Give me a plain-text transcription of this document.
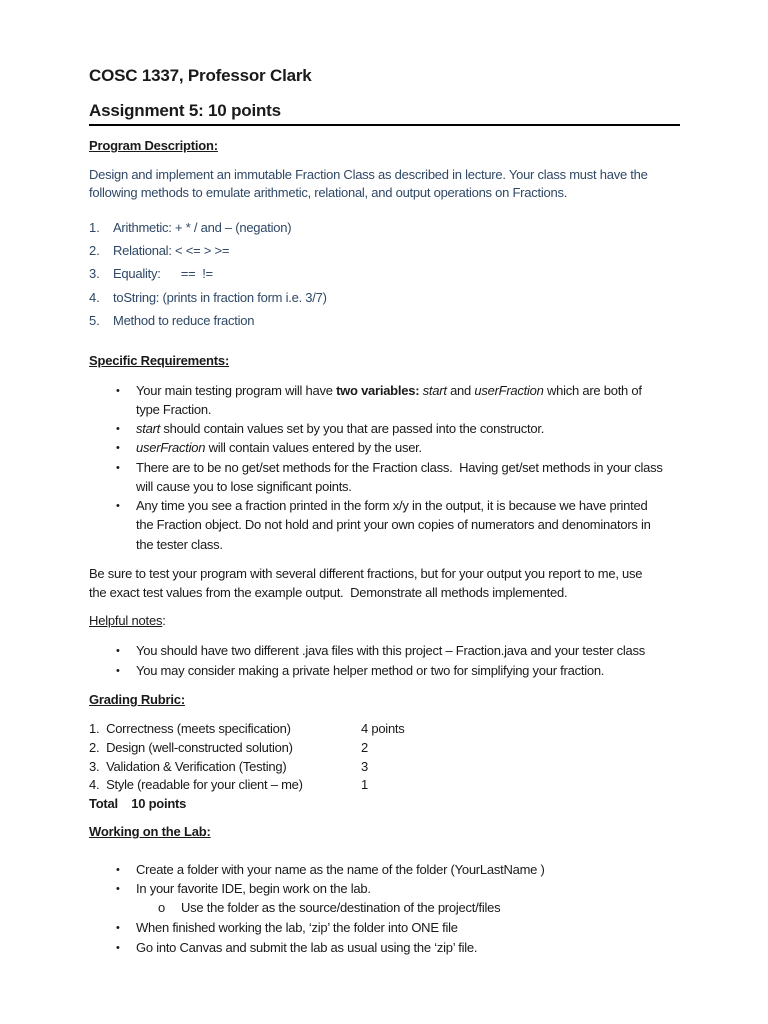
COSC 1337, Professor Clark
Assignment 5: 10 points
Program Description:
Design and implement an immutable Fraction Class as described in lecture. Your class must have the
following methods to emulate arithmetic, relational, and output operations on Fractions.
1. Arithmetic: + * / and – (negation)
2. Relational: < <= > >=
3. Equality:      ==  !=
4. toString: (prints in fraction form i.e. 3/7)
5. Method to reduce fraction
Specific Requirements:
• Your main testing program will have two variables: start and userFraction which are both of
type Fraction.
• start should contain values set by you that are passed into the constructor.
• userFraction will contain values entered by the user.
• There are to be no get/set methods for the Fraction class.  Having get/set methods in your class
will cause you to lose significant points.
• Any time you see a fraction printed in the form x/y in the output, it is because we have printed
the Fraction object. Do not hold and print your own copies of numerators and denominators in
the tester class.
Be sure to test your program with several different fractions, but for your output you report to me, use
the exact test values from the example output.  Demonstrate all methods implemented.
Helpful notes:
• You should have two different .java files with this project – Fraction.java and your tester class
• You may consider making a private helper method or two for simplifying your fraction.
Grading Rubric:
1.  Correctness (meets specification)	4 points
2.  Design (well-constructed solution)	2
3.  Validation & Verification (Testing)	3
4.  Style (readable for your client – me)	1
Total    10 points
Working on the Lab:
• Create a folder with your name as the name of the folder (YourLastName )
• In your favorite IDE, begin work on the lab.
o Use the folder as the source/destination of the project/files
• When finished working the lab, ‘zip’ the folder into ONE file
• Go into Canvas and submit the lab as usual using the ‘zip’ file.
